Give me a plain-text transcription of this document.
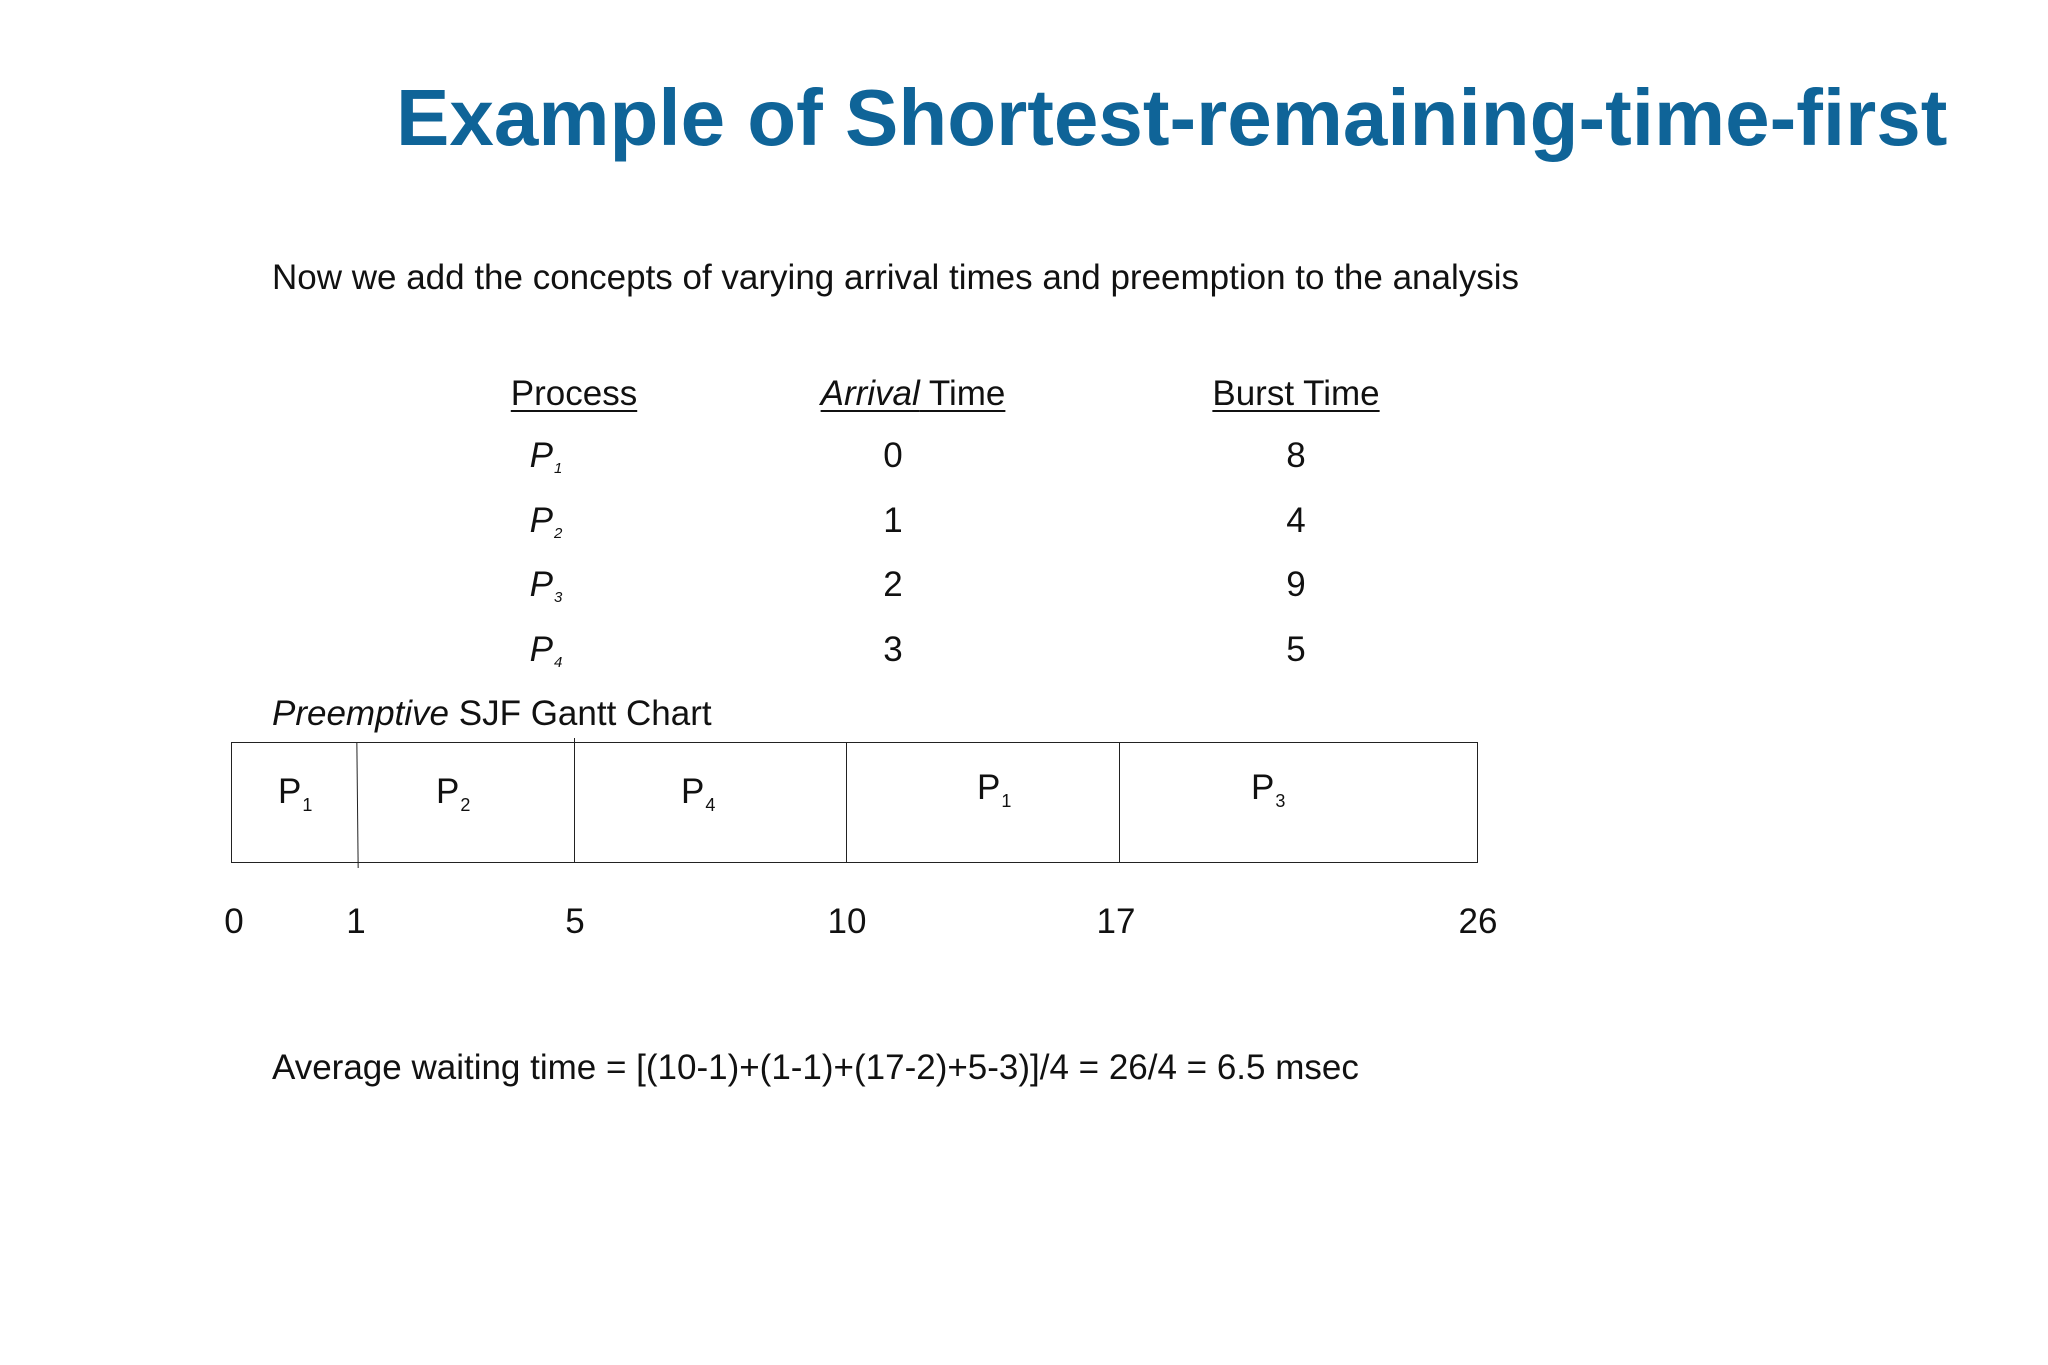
Example of Shortest-remaining-time-first
Now we add the concepts of varying arrival times and preemption to the analysis
Process	Arrival Time	Burst Time
$P_1$	0	8
$P_2$	1	4
$P_3$	2	9
$P_4$	3	5
Preemptive SJF Gantt Chart
$P_1$	$P_2$	$P_4$	$P_1$	$P_3$
0	1	5	10	17	26
Average waiting time = [(10-1)+(1-1)+(17-2)+5-3)]/4 = 26/4 = 6.5 msec
